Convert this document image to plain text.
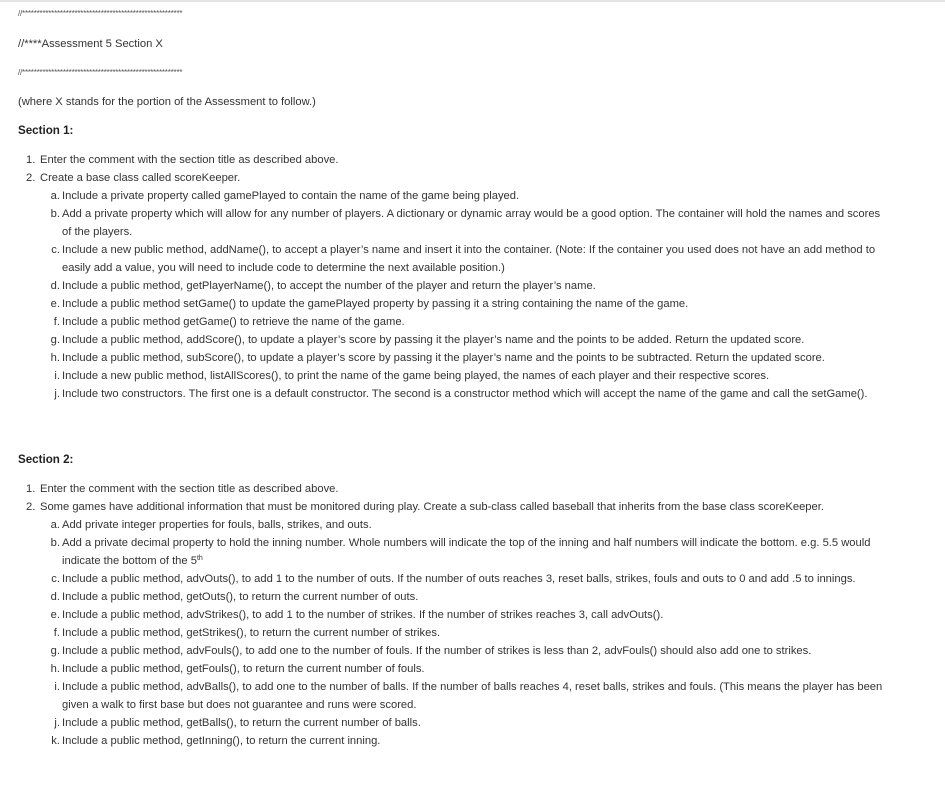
//*******************************************************
//****Assessment 5 Section X
//*******************************************************
(where X stands for the portion of the Assessment to follow.)
Section 1:
1. Enter the comment with the section title as described above.
2. Create a base class called scoreKeeper.
a. Include a private property called gamePlayed to contain the name of the game being played.
b. Add a private property which will allow for any number of players. A dictionary or dynamic array would be a good option. The container will hold the names and scores of the players.
c. Include a new public method, addName(), to accept a player’s name and insert it into the container. (Note: If the container you used does not have an add method to easily add a value, you will need to include code to determine the next available position.)
d. Include a public method, getPlayerName(), to accept the number of the player and return the player’s name.
e. Include a public method setGame() to update the gamePlayed property by passing it a string containing the name of the game.
f. Include a public method getGame() to retrieve the name of the game.
g. Include a public method, addScore(), to update a player’s score by passing it the player’s name and the points to be added. Return the updated score.
h. Include a public method, subScore(), to update a player’s score by passing it the player’s name and the points to be subtracted. Return the updated score.
i. Include a new public method, listAllScores(), to print the name of the game being played, the names of each player and their respective scores.
j. Include two constructors. The first one is a default constructor. The second is a constructor method which will accept the name of the game and call the setGame().
Section 2:
1. Enter the comment with the section title as described above.
2. Some games have additional information that must be monitored during play. Create a sub-class called baseball that inherits from the base class scoreKeeper.
a. Add private integer properties for fouls, balls, strikes, and outs.
b. Add a private decimal property to hold the inning number. Whole numbers will indicate the top of the inning and half numbers will indicate the bottom. e.g. 5.5 would indicate the bottom of the 5th
c. Include a public method, advOuts(), to add 1 to the number of outs. If the number of outs reaches 3, reset balls, strikes, fouls and outs to 0 and add .5 to innings.
d. Include a public method, getOuts(), to return the current number of outs.
e. Include a public method, advStrikes(), to add 1 to the number of strikes. If the number of strikes reaches 3, call advOuts().
f. Include a public method, getStrikes(), to return the current number of strikes.
g. Include a public method, advFouls(), to add one to the number of fouls. If the number of strikes is less than 2, advFouls() should also add one to strikes.
h. Include a public method, getFouls(), to return the current number of fouls.
i. Include a public method, advBalls(), to add one to the number of balls. If the number of balls reaches 4, reset balls, strikes and fouls. (This means the player has been given a walk to first base but does not guarantee and runs were scored.
j. Include a public method, getBalls(), to return the current number of balls.
k. Include a public method, getInning(), to return the current inning.
